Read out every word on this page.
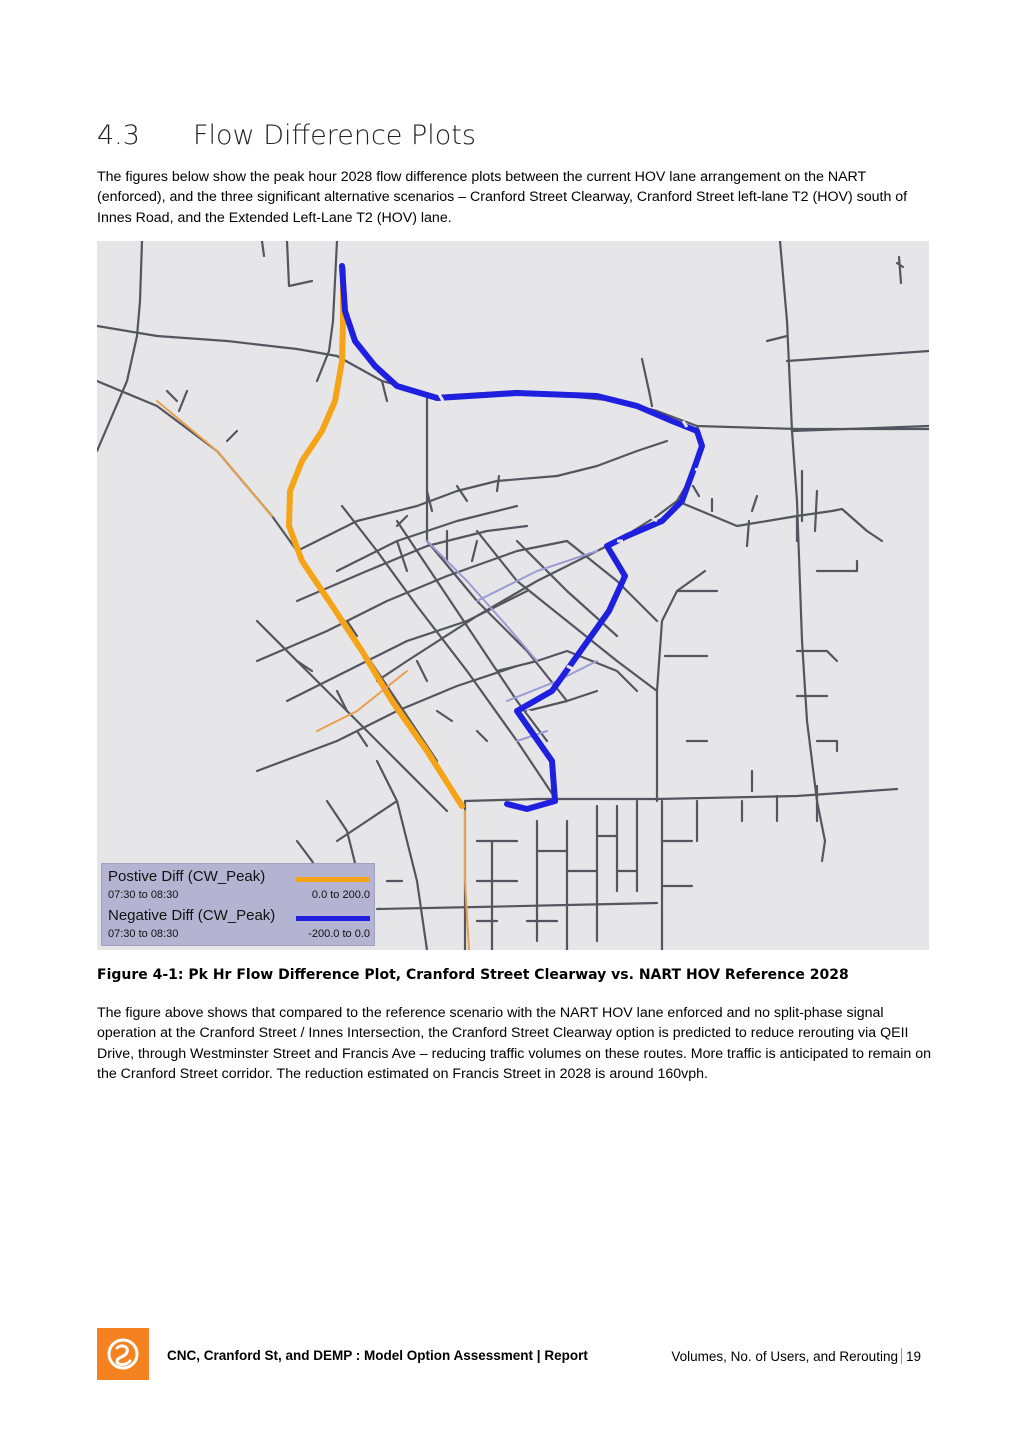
4.3 Flow Difference Plots
The figures below show the peak hour 2028 flow difference plots between the current HOV lane arrangement on the NART (enforced), and the three significant alternative scenarios – Cranford Street Clearway, Cranford Street left-lane T2 (HOV) south of Innes Road, and the Extended Left-Lane T2 (HOV) lane.
Postive Diff (CW_Peak)
07:30 to 08:30	0.0 to 200.0
Negative Diff (CW_Peak)
07:30 to 08:30	-200.0 to 0.0
Figure 4-1: Pk Hr Flow Difference Plot, Cranford Street Clearway vs. NART HOV Reference 2028
The figure above shows that compared to the reference scenario with the NART HOV lane enforced and no split-phase signal operation at the Cranford Street / Innes Intersection, the Cranford Street Clearway option is predicted to reduce rerouting via QEII Drive, through Westminster Street and Francis Ave – reducing traffic volumes on these routes. More traffic is anticipated to remain on the Cranford Street corridor. The reduction estimated on Francis Street in 2028 is around 160vph.
CNC, Cranford St, and DEMP : Model Option Assessment | Report	Volumes, No. of Users, and Rerouting 19
